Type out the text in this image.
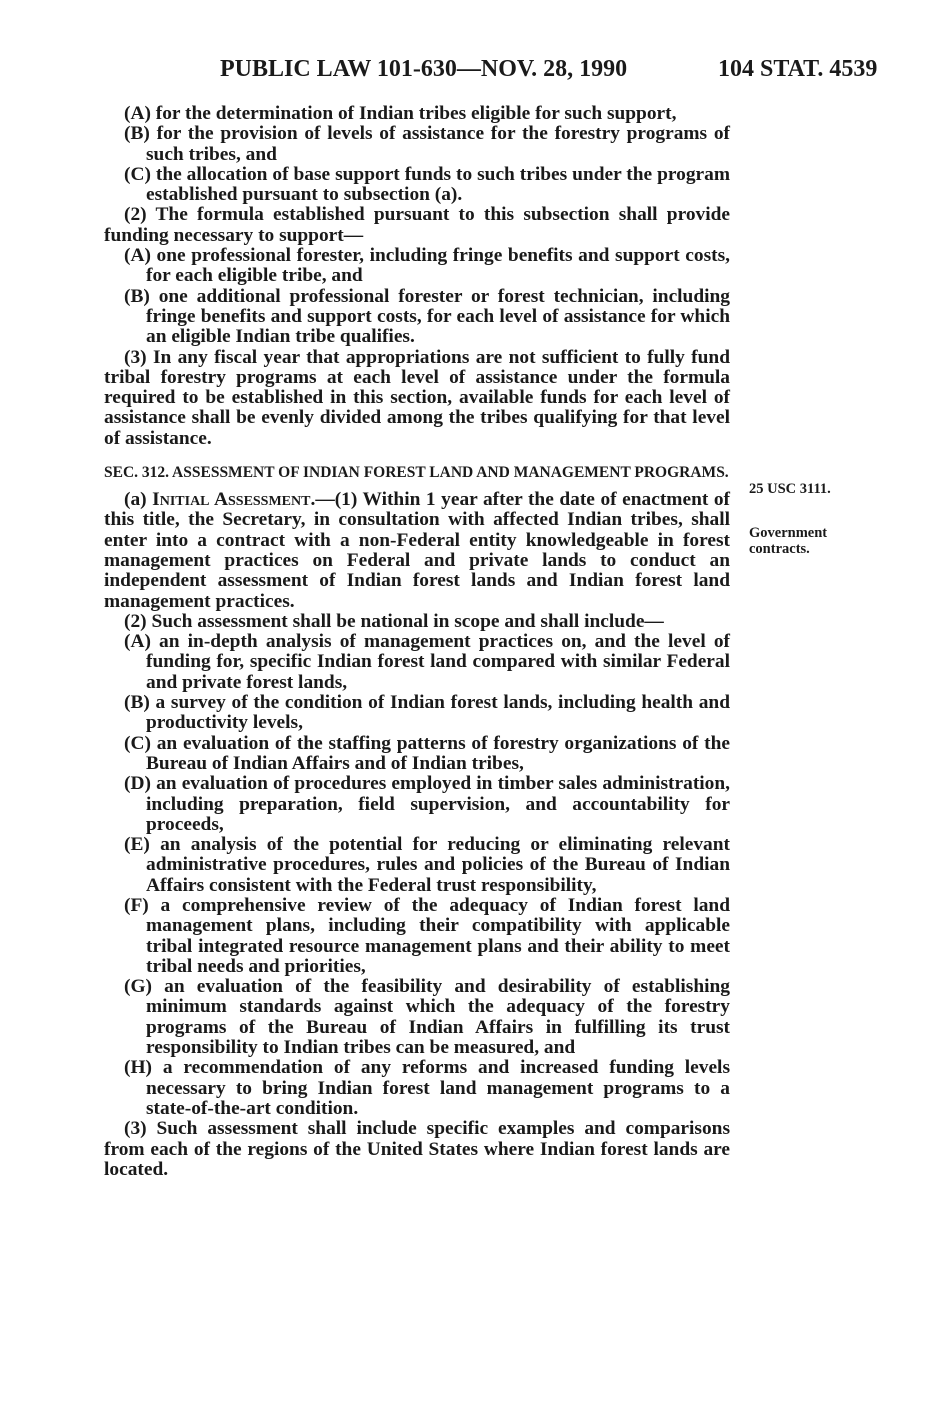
PUBLIC LAW 101-630—NOV. 28, 1990	104 STAT. 4539

(A) for the determination of Indian tribes eligible for such support,

(B) for the provision of levels of assistance for the forestry programs of such tribes, and

(C) the allocation of base support funds to such tribes under the program established pursuant to subsection (a).

(2) The formula established pursuant to this subsection shall provide funding necessary to support—

(A) one professional forester, including fringe benefits and support costs, for each eligible tribe, and

(B) one additional professional forester or forest technician, including fringe benefits and support costs, for each level of assistance for which an eligible Indian tribe qualifies.

(3) In any fiscal year that appropriations are not sufficient to fully fund tribal forestry programs at each level of assistance under the formula required to be established in this section, available funds for each level of assistance shall be evenly divided among the tribes qualifying for that level of assistance.

SEC. 312. ASSESSMENT OF INDIAN FOREST LAND AND MANAGEMENT PROGRAMS.

(a) Initial Assessment.—(1) Within 1 year after the date of enactment of this title, the Secretary, in consultation with affected Indian tribes, shall enter into a contract with a non-Federal entity knowledgeable in forest management practices on Federal and private lands to conduct an independent assessment of Indian forest lands and Indian forest land management practices.

(2) Such assessment shall be national in scope and shall include—

(A) an in-depth analysis of management practices on, and the level of funding for, specific Indian forest land compared with similar Federal and private forest lands,

(B) a survey of the condition of Indian forest lands, including health and productivity levels,

(C) an evaluation of the staffing patterns of forestry organizations of the Bureau of Indian Affairs and of Indian tribes,

(D) an evaluation of procedures employed in timber sales administration, including preparation, field supervision, and accountability for proceeds,

(E) an analysis of the potential for reducing or eliminating relevant administrative procedures, rules and policies of the Bureau of Indian Affairs consistent with the Federal trust responsibility,

(F) a comprehensive review of the adequacy of Indian forest land management plans, including their compatibility with applicable tribal integrated resource management plans and their ability to meet tribal needs and priorities,

(G) an evaluation of the feasibility and desirability of establishing minimum standards against which the adequacy of the forestry programs of the Bureau of Indian Affairs in fulfilling its trust responsibility to Indian tribes can be measured, and

(H) a recommendation of any reforms and increased funding levels necessary to bring Indian forest land management programs to a state-of-the-art condition.

(3) Such assessment shall include specific examples and comparisons from each of the regions of the United States where Indian forest lands are located.

25 USC 3111.
Government
contracts.
